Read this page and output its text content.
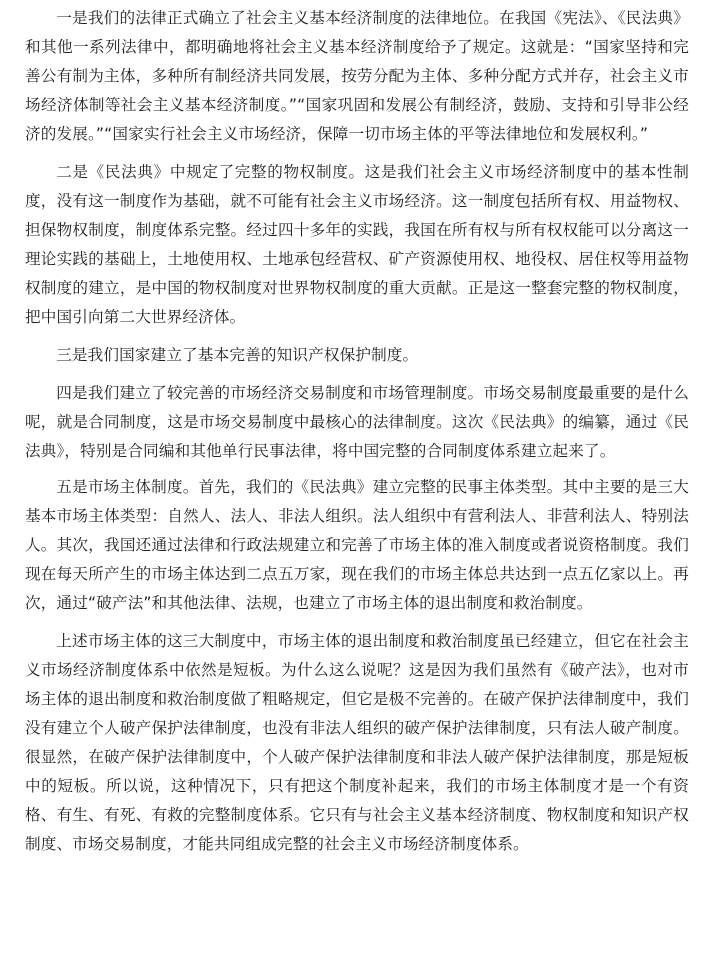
一是我们的法律正式确立了社会主义基本经济制度的法律地位。在我国《宪法》、《民法典》和其他一系列法律中，都明确地将社会主义基本经济制度给予了规定。这就是：“国家坚持和完善公有制为主体，多种所有制经济共同发展，按劳分配为主体、多种分配方式并存，社会主义市场经济体制等社会主义基本经济制度。”“国家巩固和发展公有制经济，鼓励、支持和引导非公经济的发展。”“国家实行社会主义市场经济，保障一切市场主体的平等法律地位和发展权利。”

二是《民法典》中规定了完整的物权制度。这是我们社会主义市场经济制度中的基本性制度，没有这一制度作为基础，就不可能有社会主义市场经济。这一制度包括所有权、用益物权、担保物权制度，制度体系完整。经过四十多年的实践，我国在所有权与所有权权能可以分离这一理论实践的基础上，土地使用权、土地承包经营权、矿产资源使用权、地役权、居住权等用益物权制度的建立，是中国的物权制度对世界物权制度的重大贡献。正是这一整套完整的物权制度，把中国引向第二大世界经济体。

三是我们国家建立了基本完善的知识产权保护制度。

四是我们建立了较完善的市场经济交易制度和市场管理制度。市场交易制度最重要的是什么呢，就是合同制度，这是市场交易制度中最核心的法律制度。这次《民法典》的编纂，通过《民法典》，特别是合同编和其他单行民事法律，将中国完整的合同制度体系建立起来了。

五是市场主体制度。首先，我们的《民法典》建立完整的民事主体类型。其中主要的是三大基本市场主体类型：自然人、法人、非法人组织。法人组织中有营利法人、非营利法人、特别法人。其次，我国还通过法律和行政法规建立和完善了市场主体的准入制度或者说资格制度。我们现在每天所产生的市场主体达到二点五万家，现在我们的市场主体总共达到一点五亿家以上。再次，通过“破产法”和其他法律、法规，也建立了市场主体的退出制度和救治制度。

上述市场主体的这三大制度中，市场主体的退出制度和救治制度虽已经建立，但它在社会主义市场经济制度体系中依然是短板。为什么这么说呢？这是因为我们虽然有《破产法》，也对市场主体的退出制度和救治制度做了粗略规定，但它是极不完善的。在破产保护法律制度中，我们没有建立个人破产保护法律制度，也没有非法人组织的破产保护法律制度，只有法人破产制度。很显然，在破产保护法律制度中，个人破产保护法律制度和非法人破产保护法律制度，那是短板中的短板。所以说，这种情况下，只有把这个制度补起来，我们的市场主体制度才是一个有资格、有生、有死、有救的完整制度体系。它只有与社会主义基本经济制度、物权制度和知识产权制度、市场交易制度，才能共同组成完整的社会主义市场经济制度体系。
